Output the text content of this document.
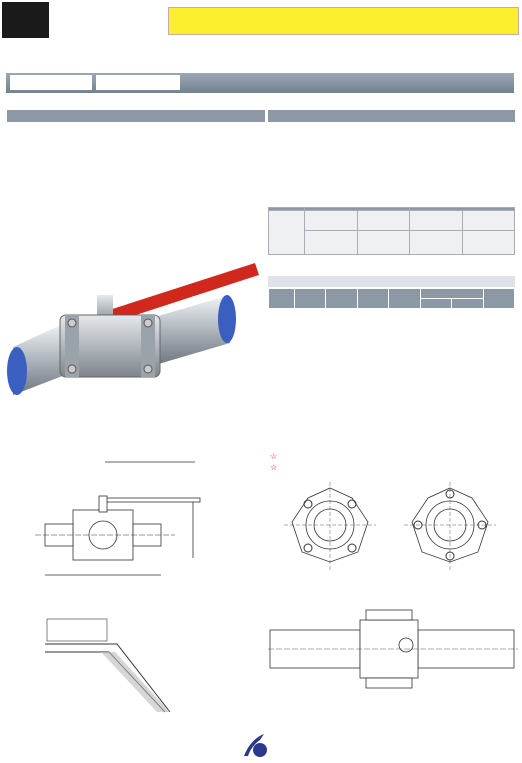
☆
☆
